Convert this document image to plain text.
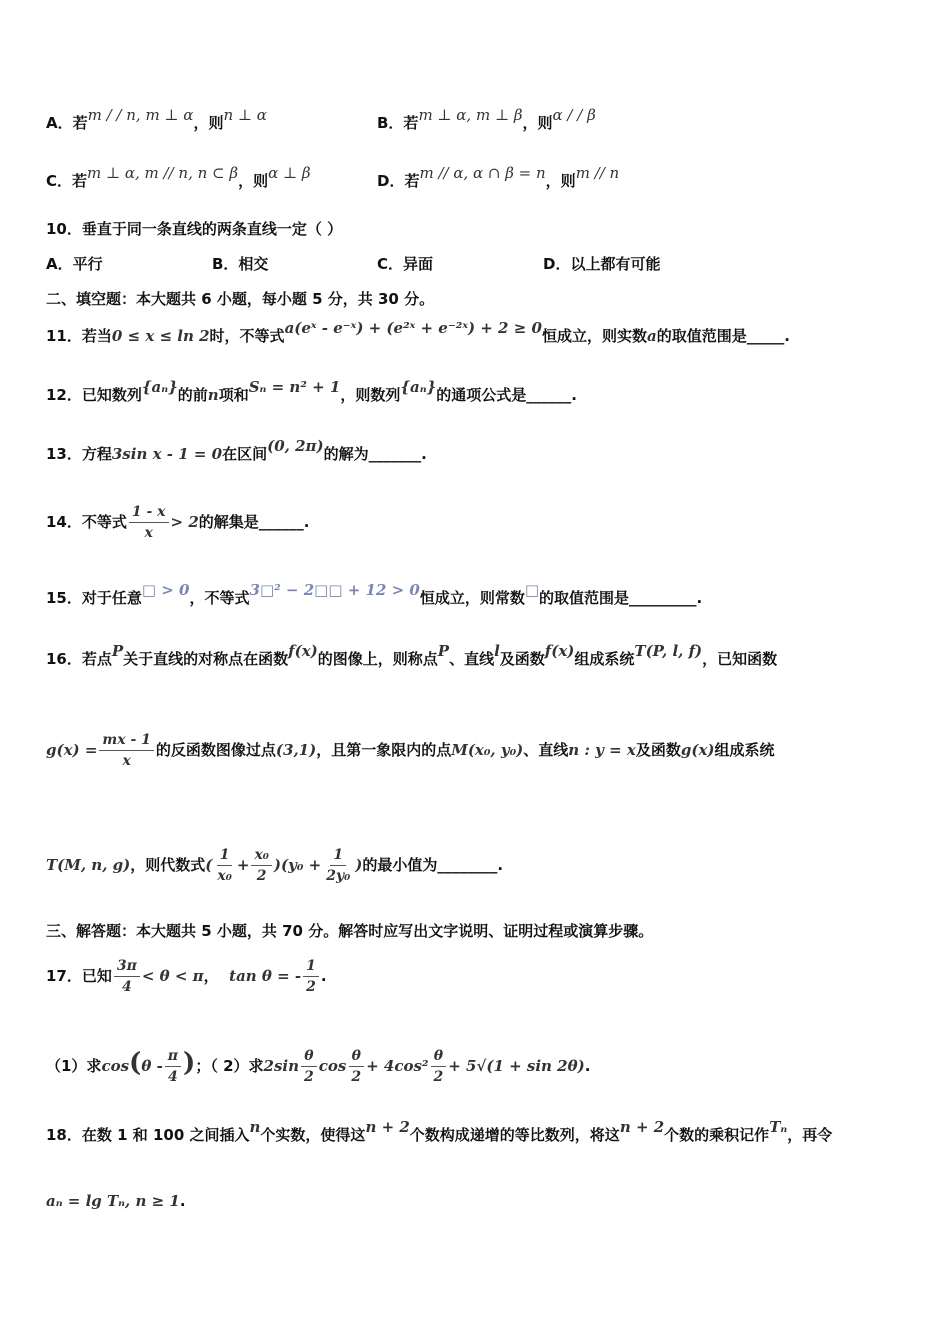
A．若m / / n, m ⊥ α，则n ⊥ α	B．若m ⊥ α, m ⊥ β，则α / / β
C．若m ⊥ α, m // n, n ⊂ β，则α ⊥ β	D．若m // α, α ∩ β = n，则m // n
10．垂直于同一条直线的两条直线一定（ ）
A．平行	B．相交	C．异面	D．以上都有可能
二、填空题：本大题共 6 小题，每小题 5 分，共 30 分。
11．若当0 ≤ x ≤ ln 2时，不等式a(eˣ - e⁻ˣ) + (e²ˣ + e⁻²ˣ) + 2 ≥ 0恒成立，则实数a的取值范围是_____.
12．已知数列{aₙ}的前n项和Sₙ = n² + 1，则数列{aₙ}的通项公式是______.
13．方程3sin x - 1 = 0在区间(0, 2π)的解为_______.
14．不等式 $\frac{1 - x}{x} > 2$的解集是______.
15．对于任意□ > 0，不等式3□² − 2□□ + 12 > 0恒成立，则常数□的取值范围是_________.
16．若点P关于直线的对称点在函数f(x)的图像上，则称点P、直线l及函数f(x)组成系统T(P, l, f)，已知函数
$g(x) = \frac{mx - 1}{x}$ 的反函数图像过点(3,1)，且第一象限内的点M(x₀, y₀)、直线n : y = x及函数g(x)组成系统
T(M, n, g)，则代数式( $\frac{1}{\text{x₀}} + \frac{\text{x₀}}{2} )(y_0 + \frac{1}{\text{2y₀}}$ )的最小值为________.
三、解答题：本大题共 5 小题，共 70 分。解答时应写出文字说明、证明过程或演算步骤。
17．已知 $\frac{3\pi}{4} < \theta < \pi$， tan θ = - $\frac{1}{2}$ .
（1）求$\cos(\theta - \frac{\pi}{4}$ )；（ 2）求$2\sin \frac{\theta}{2}$ $\cos \frac{\theta}{2} + 4\cos^2 \frac{\theta}{2} + 5√(1 + \sin 2\theta)$.
18．在数 1 和 100 之间插入n个实数，使得这n + 2个数构成递增的等比数列，将这n + 2个数的乘积记作Tₙ，再令
aₙ = lg Tₙ, n ≥ 1.
